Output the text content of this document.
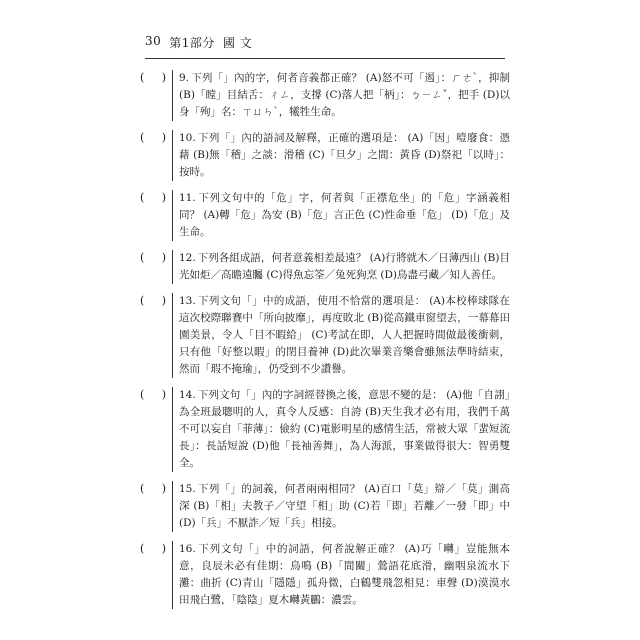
30 第1部分 國 文
( ) 9. 下列「」內的字，何者音義都正確？ (A)怒不可「遏」：ㄏㄜˋ，抑制 (B)「瞠」目結舌：ㄔㄥ，支撐 (C)落人把「柄」：ㄅㄧㄥˇ，把手 (D)以身「殉」名：ㄒㄩㄣˋ，犧牲生命。
( ) 10. 下列「」內的語詞及解釋，正確的選項是： (A)「因」噎廢食：憑藉 (B)無「稽」之談：滑稽 (C)「旦夕」之間：黃昏 (D)祭祀「以時」：按時。
( ) 11. 下列文句中的「危」字，何者與「正襟危坐」的「危」字涵義相同？ (A)轉「危」為安 (B)「危」言正色 (C)性命垂「危」 (D)「危」及生命。
( ) 12. 下列各組成語，何者意義相差最遠？ (A)行將就木／日薄西山 (B)目光如炬／高瞻遠矚 (C)得魚忘筌／兔死狗烹 (D)鳥盡弓藏／知人善任。
( ) 13. 下列文句「」中的成語，使用不恰當的選項是： (A)本校棒球隊在這次校際聯賽中「所向披靡」，再度敗北 (B)從高鐵車窗望去，一幕幕田園美景，令人「目不暇給」 (C)考試在即，人人把握時間做最後衝刺，只有他「好整以暇」的閉目養神 (D)此次畢業音樂會雖無法準時結束，然而「瑕不掩瑜」，仍受到不少讚譽。
( ) 14. 下列文句「」內的字詞經替換之後，意思不變的是： (A)他「自詡」為全班最聰明的人，真令人反感：自誇 (B)天生我才必有用，我們千萬不可以妄自「菲薄」：儉約 (C)電影明星的感情生活，常被大眾「蜚短流長」：長話短說 (D)他「長袖善舞」，為人海派，事業做得很大：智勇雙全。
( ) 15. 下列「」的詞義，何者兩兩相同？ (A)百口「莫」辯／「莫」測高深 (B)「相」夫教子／守望「相」助 (C)若「即」若離／一發「即」中 (D)「兵」不厭詐／短「兵」相接。
( ) 16. 下列文句「」中的詞語，何者說解正確？ (A)巧「囀」豈能無本意，良辰未必有佳期：鳥鳴 (B)「間關」鶯語花底滑，幽咽泉流水下灘：曲折 (C)青山「隱隱」孤舟微，白鶴雙飛忽相見：車聲 (D)漠漠水田飛白鷺，「陰陰」夏木囀黃鸝：濃雲。
